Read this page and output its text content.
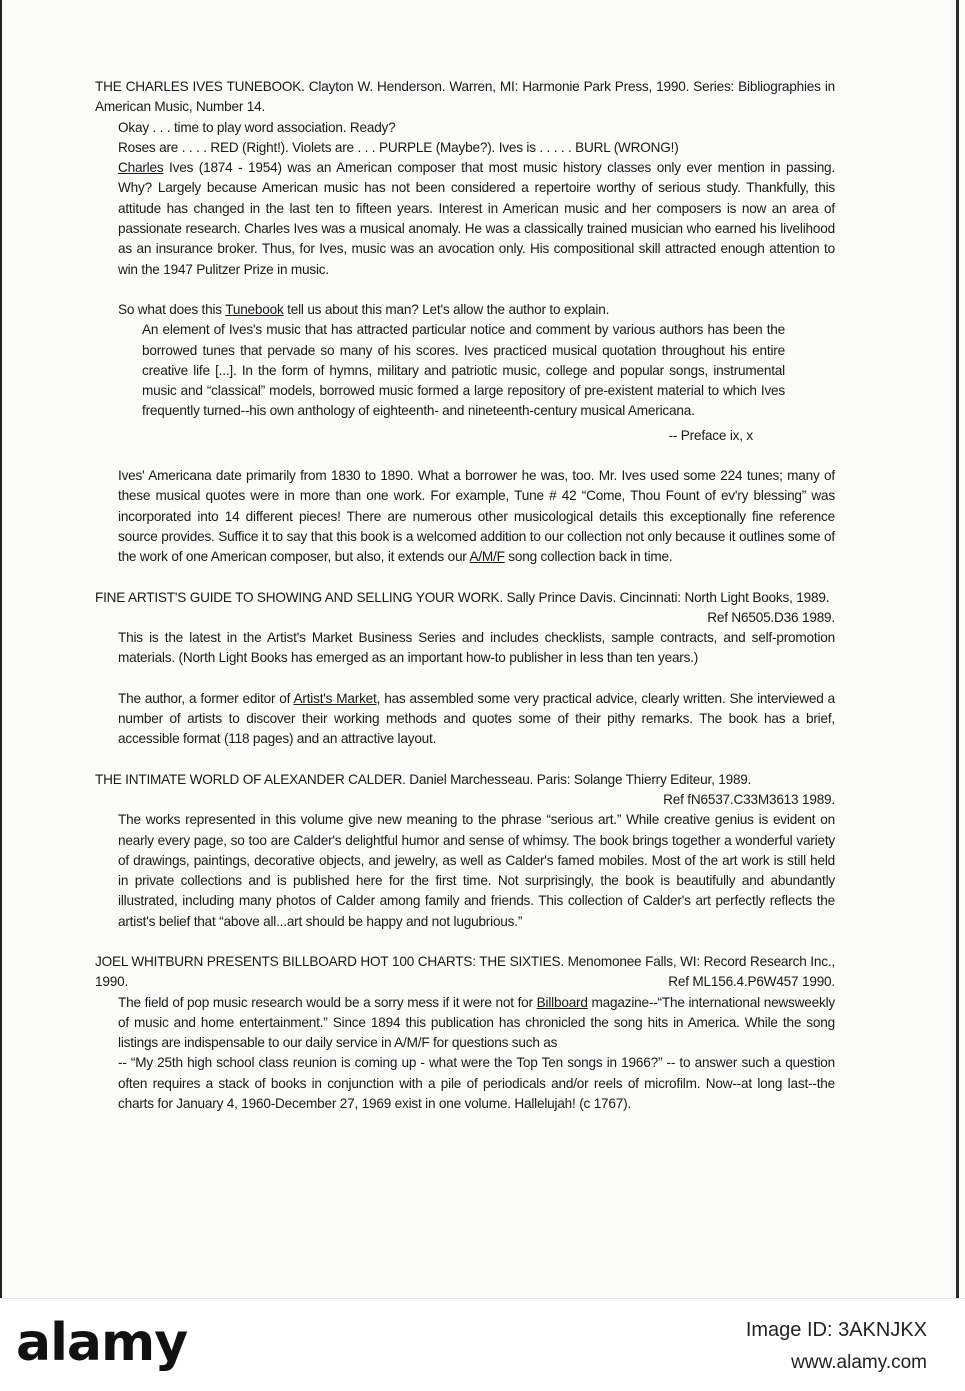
THE CHARLES IVES TUNEBOOK. Clayton W. Henderson. Warren, MI: Harmonie Park Press, 1990. Series: Bibliographies in American Music, Number 14.

Okay . . . time to play word association. Ready?

Roses are . . . . RED (Right!). Violets are . . . PURPLE (Maybe?). Ives is . . . . . BURL (WRONG!)

Charles Ives (1874 - 1954) was an American composer that most music history classes only ever mention in passing. Why? Largely because American music has not been considered a repertoire worthy of serious study. Thankfully, this attitude has changed in the last ten to fifteen years. Interest in American music and her composers is now an area of passionate research. Charles Ives was a musical anomaly. He was a classically trained musician who earned his livelihood as an insurance broker. Thus, for Ives, music was an avocation only. His compositional skill attracted enough attention to win the 1947 Pulitzer Prize in music.

So what does this Tunebook tell us about this man? Let's allow the author to explain.

An element of Ives's music that has attracted particular notice and comment by various authors has been the borrowed tunes that pervade so many of his scores. Ives practiced musical quotation throughout his entire creative life [...]. In the form of hymns, military and patriotic music, college and popular songs, instrumental music and “classical” models, borrowed music formed a large repository of pre-existent material to which Ives frequently turned--his own anthology of eighteenth- and nineteenth-century musical Americana.

-- Preface ix, x

Ives' Americana date primarily from 1830 to 1890. What a borrower he was, too. Mr. Ives used some 224 tunes; many of these musical quotes were in more than one work. For example, Tune # 42 “Come, Thou Fount of ev'ry blessing” was incorporated into 14 different pieces! There are numerous other musicological details this exceptionally fine reference source provides. Suffice it to say that this book is a welcomed addition to our collection not only because it outlines some of the work of one American composer, but also, it extends our A/M/F song collection back in time.

FINE ARTIST'S GUIDE TO SHOWING AND SELLING YOUR WORK. Sally Prince Davis. Cincinnati: North Light Books, 1989.
Ref N6505.D36 1989.

This is the latest in the Artist's Market Business Series and includes checklists, sample contracts, and self-promotion materials. (North Light Books has emerged as an important how-to publisher in less than ten years.)

The author, a former editor of Artist's Market, has assembled some very practical advice, clearly written. She interviewed a number of artists to discover their working methods and quotes some of their pithy remarks. The book has a brief, accessible format (118 pages) and an attractive layout.

THE INTIMATE WORLD OF ALEXANDER CALDER. Daniel Marchesseau. Paris: Solange Thierry Editeur, 1989.

Ref fN6537.C33M3613 1989.

The works represented in this volume give new meaning to the phrase “serious art.” While creative genius is evident on nearly every page, so too are Calder's delightful humor and sense of whimsy. The book brings together a wonderful variety of drawings, paintings, decorative objects, and jewelry, as well as Calder's famed mobiles. Most of the art work is still held in private collections and is published here for the first time. Not surprisingly, the book is beautifully and abundantly illustrated, including many photos of Calder among family and friends. This collection of Calder's art perfectly reflects the artist's belief that “above all...art should be happy and not lugubrious.”

JOEL WHITBURN PRESENTS BILLBOARD HOT 100 CHARTS: THE SIXTIES. Menomonee Falls, WI: Record Research Inc., 1990.	Ref ML156.4.P6W457 1990.

The field of pop music research would be a sorry mess if it were not for Billboard magazine--“The international newsweekly of music and home entertainment.” Since 1894 this publication has chronicled the song hits in America. While the song listings are indispensable to our daily service in A/M/F for questions such as

-- “My 25th high school class reunion is coming up - what were the Top Ten songs in 1966?” -- to answer such a question often requires a stack of books in conjunction with a pile of periodicals and/or reels of microfilm. Now--at long last--the charts for January 4, 1960-December 27, 1969 exist in one volume. Hallelujah! (c 1767).

alamy	Image ID: 3AKNJKX
www.alamy.com
